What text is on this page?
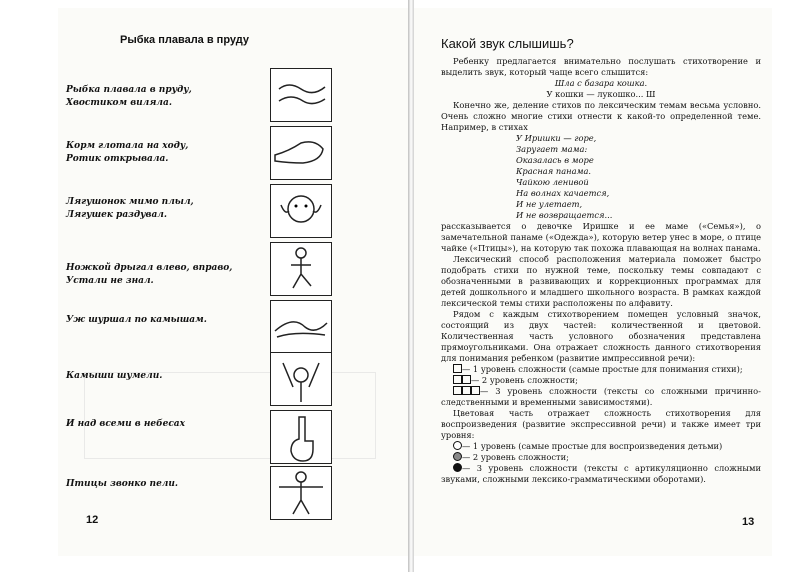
Рыбка плавала в пруду
Рыбка плавала в пруду,
Хвостиком виляла.
Корм глотала на ходу,
Ротик открывала.
Лягушонок мимо плыл,
Лягушек раздувал.
Ножкой дрыгал влево, вправо,
Устали не знал.
Уж шуршал по камышам.
Камыши шумели.
И над всеми в небесах
Птицы звонко пели.
12
Какой звук слышишь?

Ребенку предлагается внимательно послушать стихотворение и выделить звук, который чаще всего слышится:

Шла с базара кошка.

У кошки — лукошко... Ш

Конечно же, деление стихов по лексическим темам весьма условно. Очень сложно многие стихи отнести к какой-то определенной теме. Например, в стихах

У Иришки — горе,

Заругает мама:

Оказалась в море

Красная панама.

Чайкою ленивой

На волнах качается,

И не улетает,

И не возвращается...

рассказывается о девочке Иришке и ее маме («Семья»), о замечательной панаме («Одежда»), которую ветер унес в море, о птице чайке («Птицы»), на которую так похожа плавающая на волнах панама.

Лексический способ расположения материала поможет быстро подобрать стихи по нужной теме, поскольку темы совпадают с обозначенными в развивающих и коррекционных программах для детей дошкольного и младшего школьного возраста. В рамках каждой лексической темы стихи расположены по алфавиту.

Рядом с каждым стихотворением помещен условный значок, состоящий из двух частей: количественной и цветовой. Количественная часть условного обозначения представлена прямоугольниками. Она отражает сложность данного стихотворения для понимания ребенком (развитие импрессивной речи):

— 1 уровень сложности (самые простые для понимания стихи);

— 2 уровень сложности;

— 3 уровень сложности (тексты со сложными причинно-следственными и временными зависимостями).

Цветовая часть отражает сложность стихотворения для воспроизведения (развитие экспрессивной речи) и также имеет три уровня:

— 1 уровень (самые простые для воспроизведения детьми)

— 2 уровень сложности;

— 3 уровень сложности (тексты с артикуляционно сложными звуками, сложными лексико-грамматическими оборотами).

13
